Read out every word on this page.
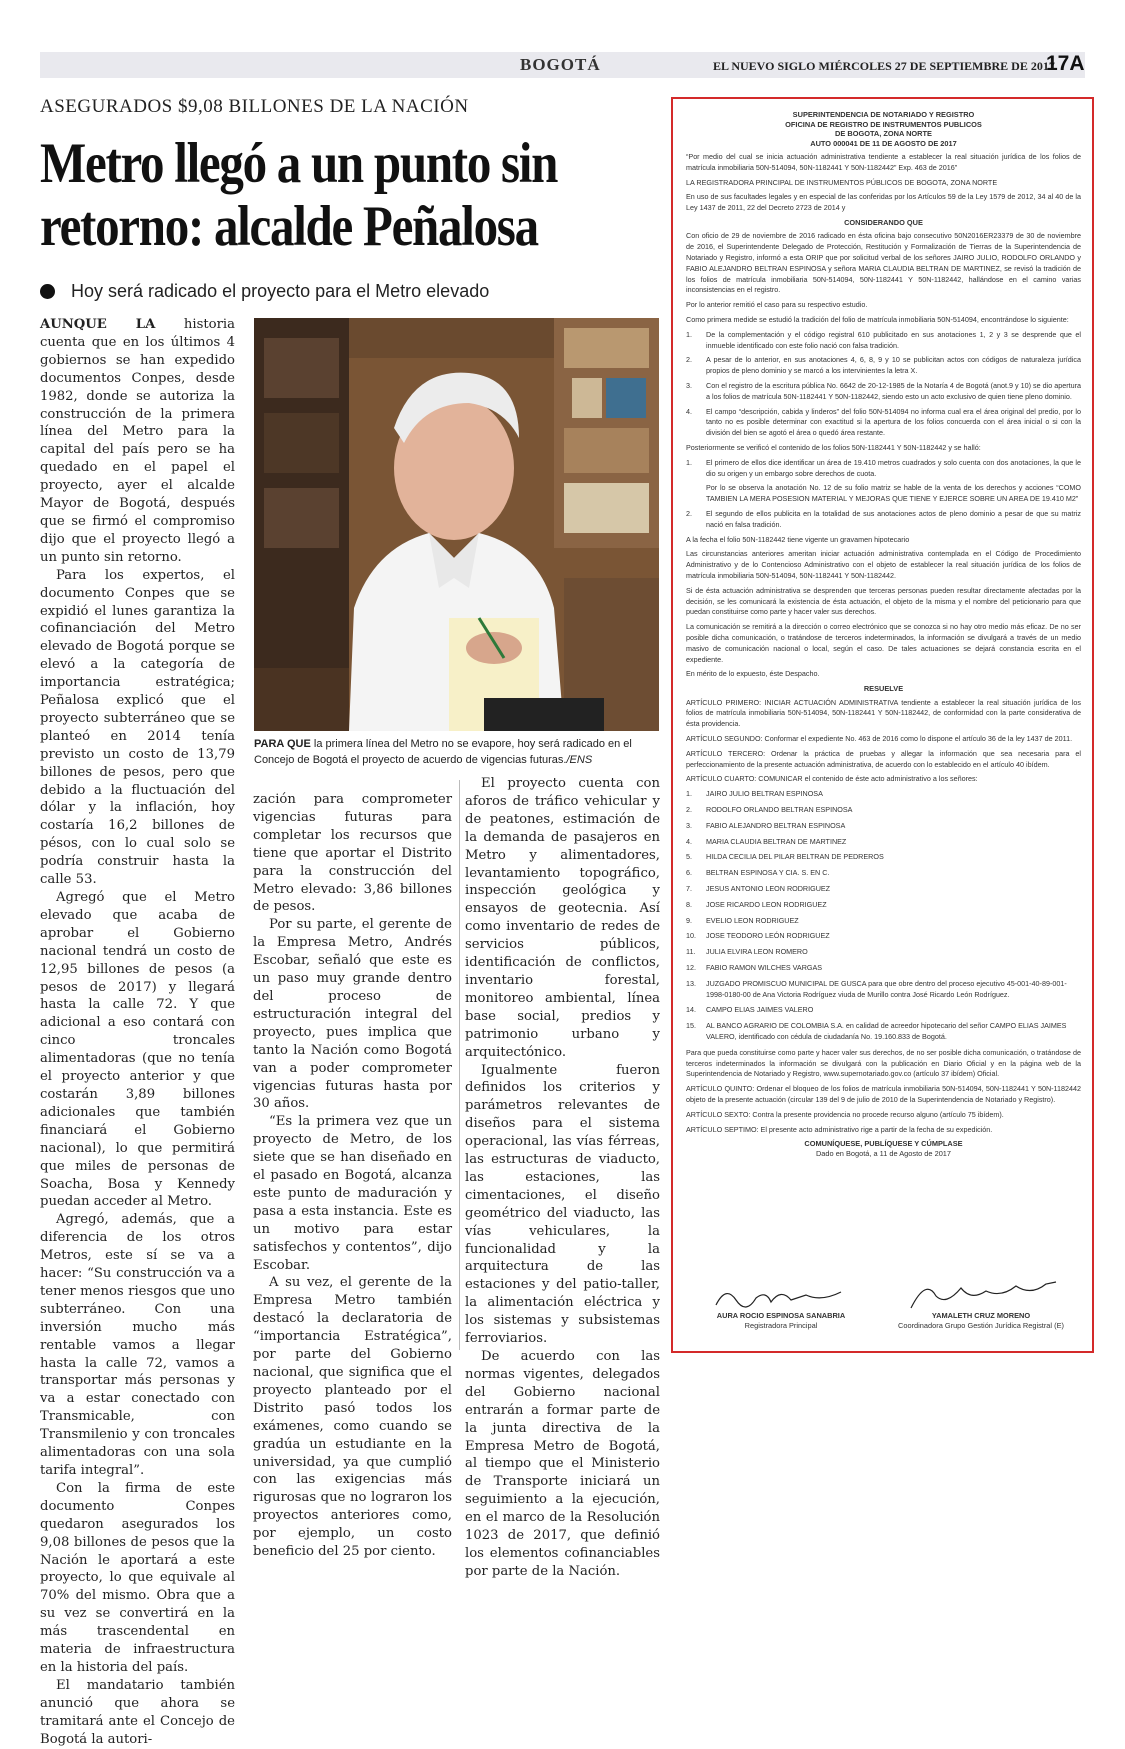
BOGOTÁ	EL NUEVO SIGLO MIÉRCOLES 27 DE SEPTIEMBRE DE 2017
17A
ASEGURADOS $9,08 BILLONES DE LA NACIÓN
Metro llegó a un punto sin
retorno: alcalde Peñalosa
Hoy será radicado el proyecto para el Metro elevado

AUNQUE LA historia cuenta que en los últimos 4 gobiernos se han expedido documentos Conpes, desde 1982, donde se autoriza la construcción de la primera línea del Metro para la capital del país pero se ha quedado en el papel el proyecto, ayer el alcalde Mayor de Bogotá, después que se firmó el compromiso dijo que el proyecto llegó a un punto sin retorno.

Para los expertos, el documento Conpes que se expidió el lunes garantiza la cofinanciación del Metro elevado de Bogotá porque se elevó a la categoría de importancia estratégica; Peñalosa explicó que el proyecto subterráneo que se planteó en 2014 tenía previsto un costo de 13,79 billones de pesos, pero que debido a la fluctuación del dólar y la inflación, hoy costaría 16,2 billones de pésos, con lo cual solo se podría construir hasta la calle 53.

Agregó que el Metro elevado que acaba de aprobar el Gobierno nacional tendrá un costo de 12,95 billones de pesos (a pesos de 2017) y llegará hasta la calle 72. Y que adicional a eso contará con cinco troncales alimentadoras (que no tenía el proyecto anterior y que costarán 3,89 billones adicionales que también financiará el Gobierno nacional), lo que permitirá que miles de personas de Soacha, Bosa y Kennedy puedan acceder al Metro.

Agregó, además, que a diferencia de los otros Metros, este sí se va a hacer: “Su construcción va a tener menos riesgos que uno subterráneo. Con una inversión mucho más rentable vamos a llegar hasta la calle 72, vamos a transportar más personas y va a estar conectado con Transmicable, con Transmilenio y con troncales alimentadoras con una sola tarifa integral”.

Con la firma de este documento Conpes quedaron asegurados los 9,08 billones de pesos que la Nación le aportará a este proyecto, lo que equivale al 70% del mismo. Obra que a su vez se convertirá en la más trascendental en materia de infraestructura en la historia del país.

El mandatario también anunció que ahora se tramitará ante el Concejo de Bogotá la autori-

PARA QUE la primera línea del Metro no se evapore, hoy será radicado en el Concejo de Bogotá el proyecto de acuerdo de vigencias futuras./ENS

zación para comprometer vigencias futuras para completar los recursos que tiene que aportar el Distrito para la construcción del Metro elevado: 3,86 billones de pesos.

Por su parte, el gerente de la Empresa Metro, Andrés Escobar, señaló que este es un paso muy grande dentro del proceso de estructuración integral del proyecto, pues implica que tanto la Nación como Bogotá van a poder comprometer vigencias futuras hasta por 30 años.

“Es la primera vez que un proyecto de Metro, de los siete que se han diseñado en el pasado en Bogotá, alcanza este punto de maduración y pasa a esta instancia. Este es un motivo para estar satisfechos y contentos”, dijo Escobar.

A su vez, el gerente de la Empresa Metro también destacó la declaratoria de “importancia Estratégica”, por parte del Gobierno nacional, que significa que el proyecto planteado por el Distrito pasó todos los exámenes, como cuando se gradúa un estudiante en la universidad, ya que cumplió con las exigencias más rigurosas que no lograron los proyectos anteriores como, por ejemplo, un costo beneficio del 25 por ciento.

El proyecto cuenta con aforos de tráfico vehicular y de peatones, estimación de la demanda de pasajeros en Metro y alimentadores, levantamiento topográfico, inspección geológica y ensayos de geotecnia. Así como inventario de redes de servicios públicos, identificación de conflictos, inventario forestal, monitoreo ambiental, línea base social, predios y patrimonio urbano y arquitectónico.

Igualmente fueron definidos los criterios y parámetros relevantes de diseños para el sistema operacional, las vías férreas, las estructuras de viaducto, las estaciones, las cimentaciones, el diseño geométrico del viaducto, las vías vehiculares, la funcionalidad y la arquitectura de las estaciones y del patio-taller, la alimentación eléctrica y los sistemas y subsistemas ferroviarios.

De acuerdo con las normas vigentes, delegados del Gobierno nacional entrarán a formar parte de la junta directiva de la Empresa Metro de Bogotá, al tiempo que el Ministerio de Transporte iniciará un seguimiento a la ejecución, en el marco de la Resolución 1023 de 2017, que definió los elementos cofinanciables por parte de la Nación.

SUPERINTENDENCIA DE NOTARIADO Y REGISTRO
OFICINA DE REGISTRO DE INSTRUMENTOS PUBLICOS
DE BOGOTA, ZONA NORTE
AUTO 000041 DE 11 DE AGOSTO DE 2017

“Por medio del cual se inicia actuación administrativa tendiente a establecer la real situación jurídica de los folios de matrícula inmobiliaria 50N-514094, 50N-1182441 Y 50N-1182442” Exp. 463 de 2016”

LA REGISTRADORA PRINCIPAL DE INSTRUMENTOS PÚBLICOS DE BOGOTA, ZONA NORTE

En uso de sus facultades legales y en especial de las conferidas por los Artículos 59 de la Ley 1579 de 2012, 34 al 40 de la Ley 1437 de 2011, 22 del Decreto 2723 de 2014 y

CONSIDERANDO QUE

Con oficio de 29 de noviembre de 2016 radicado en ésta oficina bajo consecutivo 50N2016ER23379 de 30 de noviembre de 2016, el Superintendente Delegado de Protección, Restitución y Formalización de Tierras de la Superintendencia de Notariado y Registro, informó a esta ORIP que por solicitud verbal de los señores JAIRO JULIO, RODOLFO ORLANDO y FABIO ALEJANDRO BELTRAN ESPINOSA y señora MARIA CLAUDIA BELTRAN DE MARTINEZ, se revisó la tradición de los folios de matrícula inmobiliaria 50N-514094, 50N-1182441 Y 50N-1182442, hallándose en el camino varias inconsistencias en el registro.

Por lo anterior remitió el caso para su respectivo estudio.

Como primera medide se estudió la tradición del folio de matrícula inmobiliaria 50N-514094, encontrándose lo siguiente:

1.	De la complementación y el código registral 610 publicitado en sus anotaciones 1, 2 y 3 se desprende que el inmueble identificado con este folio nació con falsa tradición.
2.	A pesar de lo anterior, en sus anotaciones 4, 6, 8, 9 y 10 se publicitan actos con códigos de naturaleza jurídica propios de pleno dominio y se marcó a los intervinientes la letra X.
3.	Con el registro de la escritura pública No. 6642 de 20-12-1985 de la Notaría 4 de Bogotá (anot.9 y 10) se dio apertura a los folios de matrícula 50N-1182441 Y 50N-1182442, siendo esto un acto exclusivo de quien tiene pleno dominio.
4.	El campo “descripción, cabida y linderos” del folio 50N-514094 no informa cual era el área original del predio, por lo tanto no es posible determinar con exactitud si la apertura de los folios concuerda con el área inicial o si con la división del bien se agotó el área o quedó área restante.

Posteriormente se verificó el contenido de los folios 50N-1182441 Y 50N-1182442 y se halló:

1.	El primero de ellos dice identificar un área de 19.410 metros cuadrados y solo cuenta con dos anotaciones, la que le dio su origen y un embargo sobre derechos de cuota.
Por lo se observa la anotación No. 12 de su folio matriz se hable de la venta de los derechos y acciones “COMO TAMBIEN LA MERA POSESION MATERIAL Y MEJORAS QUE TIENE Y EJERCE SOBRE UN AREA DE 19.410 M2”
2.	El segundo de ellos publicita en la totalidad de sus anotaciones actos de pleno dominio a pesar de que su matriz nació en falsa tradición.

A la fecha el folio 50N-1182442 tiene vigente un gravamen hipotecario

Las circunstancias anteriores ameritan iniciar actuación administrativa contemplada en el Código de Procedimiento Administrativo y de lo Contencioso Administrativo con el objeto de establecer la real situación jurídica de los folios de matrícula inmobiliaria 50N-514094, 50N-1182441 Y 50N-1182442.

Si de ésta actuación administrativa se desprenden que terceras personas pueden resultar directamente afectadas por la decisión, se les comunicará la existencia de ésta actuación, el objeto de la misma y el nombre del peticionario para que puedan constituirse como parte y hacer valer sus derechos.

La comunicación se remitirá a la dirección o correo electrónico que se conozca si no hay otro medio más eficaz. De no ser posible dicha comunicación, o tratándose de terceros indeterminados, la información se divulgará a través de un medio masivo de comunicación nacional o local, según el caso. De tales actuaciones se dejará constancia escrita en el expediente.

En mérito de lo expuesto, éste Despacho.

RESUELVE

ARTÍCULO PRIMERO: INICIAR ACTUACIÓN ADMINISTRATIVA tendiente a establecer la real situación jurídica de los folios de matrícula inmobiliaria 50N-514094, 50N-1182441 Y 50N-1182442, de conformidad con la parte considerativa de ésta providencia.

ARTÍCULO SEGUNDO: Conformar el expediente No. 463 de 2016 como lo dispone el artículo 36 de la ley 1437 de 2011.

ARTÍCULO TERCERO: Ordenar la práctica de pruebas y allegar la información que sea necesaria para el perfeccionamiento de la presente actuación administrativa, de acuerdo con lo establecido en el artículo 40 ibídem.

ARTÍCULO CUARTO: COMUNICAR el contenido de éste acto administrativo a los señores:

1.	JAIRO JULIO BELTRAN ESPINOSA
2.	RODOLFO ORLANDO BELTRAN ESPINOSA
3.	FABIO ALEJANDRO BELTRAN ESPINOSA
4.	MARIA CLAUDIA BELTRAN DE MARTINEZ
5.	HILDA CECILIA DEL PILAR BELTRAN DE PEDREROS
6.	BELTRAN ESPINOSA Y CIA. S. EN C.
7.	JESUS ANTONIO LEON RODRIGUEZ
8.	JOSE RICARDO LEON RODRIGUEZ
9.	EVELIO LEON RODRIGUEZ
10.	JOSE TEODORO LEÓN RODRIGUEZ
11.	JULIA ELVIRA LEON ROMERO
12.	FABIO RAMON WILCHES VARGAS
13.	JUZGADO PROMISCUO MUNICIPAL DE GUSCA para que obre dentro del proceso ejecutivo 45-001-40-89-001-1998-0180-00 de Ana Victoria Rodríguez viuda de Murillo contra José Ricardo León Rodríguez.
14.	CAMPO ELIAS JAIMES VALERO
15.	AL BANCO AGRARIO DE COLOMBIA S.A. en calidad de acreedor hipotecario del señor CAMPO ELIAS JAIMES VALERO, identificado con cédula de ciudadanía No. 19.160.833 de Bogotá.

Para que pueda constituirse como parte y hacer valer sus derechos, de no ser posible dicha comunicación, o tratándose de terceros indeterminados la información se divulgará con la publicación en Diario Oficial y en la página web de la Superintendencia de Notariado y Registro, www.supernotariado.gov.co (artículo 37 ibídem) Oficial.

ARTÍCULO QUINTO: Ordenar el bloqueo de los folios de matrícula inmobiliaria 50N-514094, 50N-1182441 Y 50N-1182442 objeto de la presente actuación (circular 139 del 9 de julio de 2010 de la Superintendencia de Notariado y Registro).

ARTÍCULO SEXTO: Contra la presente providencia no procede recurso alguno (artículo 75 ibídem).

ARTÍCULO SEPTIMO: El presente acto administrativo rige a partir de la fecha de su expedición.

COMUNÍQUESE, PUBLÍQUESE Y CÚMPLASE
Dado en Bogotá, a 11 de Agosto de 2017
AURA ROCIO ESPINOSA SANABRIA
Registradora Principal
YAMALETH CRUZ MORENO
Coordinadora Grupo Gestión Jurídica Registral (E)
